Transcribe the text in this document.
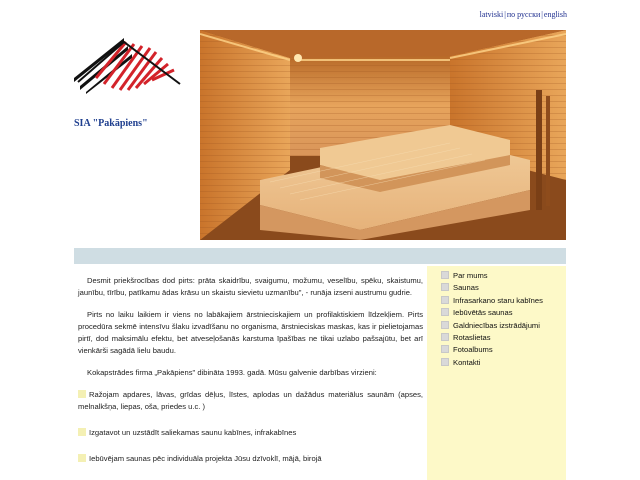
latviski|по русски|english
SIA "Pakāpiens"

Desmit priekšrocības dod pirts: prāta skaidrību, svaigumu, možumu, veselību, spēku, skaistumu, jaunību, tīrību, patīkamu ādas krāsu un skaistu sievietu uzmanību", - runāja izseni austrumu gudrie.

Pirts no laiku laikiem ir viens no labākajiem ārstnieciskajiem un profilaktiskiem līdzekļiem. Pirts procedūra sekmē intensīvu šlaku izvadīšanu no organisma, ārstnieciskas maskas, kas ir pielietojamas pirtī, dod maksimālu efektu, bet atveseļošanās karstuma īpašības ne tikai uzlabo pašsajūtu, bet arī vienkārši sagādā lielu baudu.

Kokapstrādes firma „Pakāpiens" dibināta 1993. gadā. Mūsu galvenie darbības virzieni:

Ražojam apdares, lāvas, grīdas dēļus, līstes, aplodas un dažādus materiālus saunām (apses, melnalkšņa, liepas, oša, priedes u.c. )
Izgatavot un uzstādīt saliekamas saunu kabīnes, infrakabīnes
Iebūvējam saunas pēc individuāla projekta Jūsu dzīvoklī, mājā, birojā
Par mums
Saunas
Infrasarkano staru kabīnes
Iebūvētās saunas
Galdniecības izstrādājumi
Rotaslietas
Fotoalbums
Kontakti
